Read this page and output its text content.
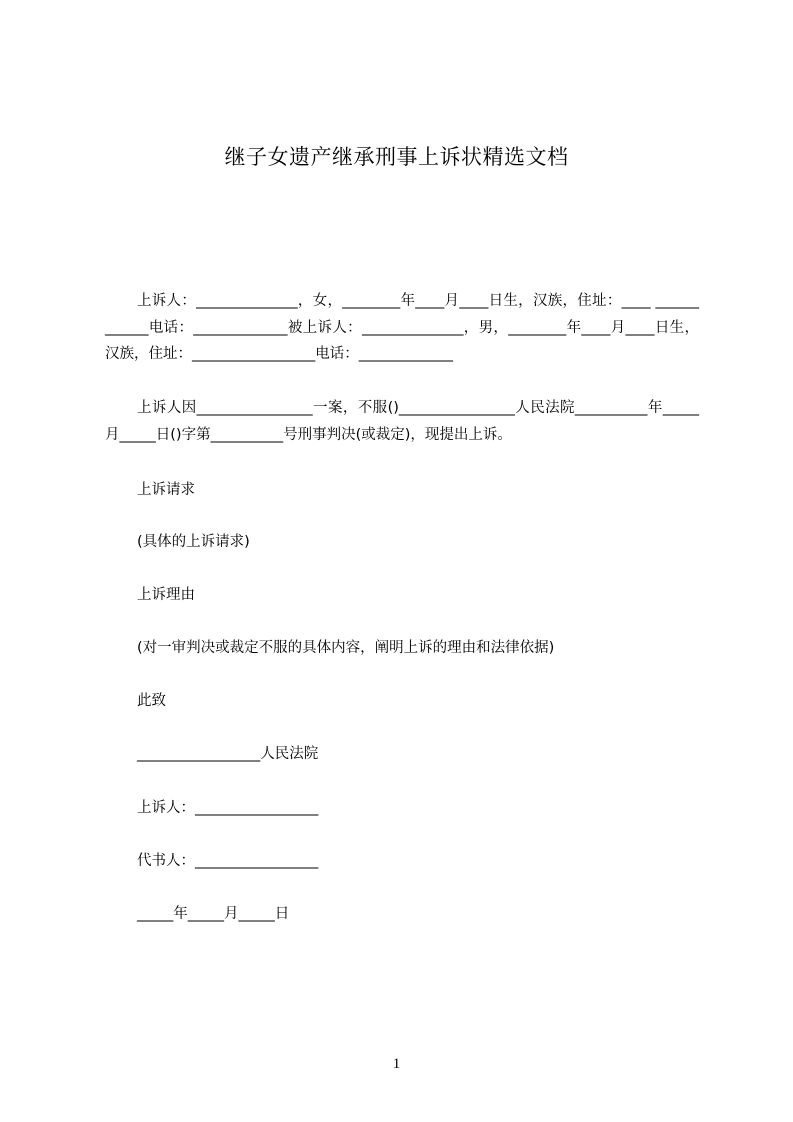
继子女遗产继承刑事上诉状精选文档
上诉人：______________，女，________年____月____日生，汉族，住址：____ ____________电话：_____________被上诉人：______________，男，________年____月____日生，汉族，住址：_________________电话：_____________
上诉人因________________一案，不服()________________人民法院__________年_____月_____日()字第__________号刑事判决(或裁定)，现提出上诉。
上诉请求
(具体的上诉请求)
上诉理由
(对一审判决或裁定不服的具体内容，阐明上诉的理由和法律依据)
此致
_________________人民法院
上诉人：_________________
代书人：_________________
_____年_____月_____日
1
